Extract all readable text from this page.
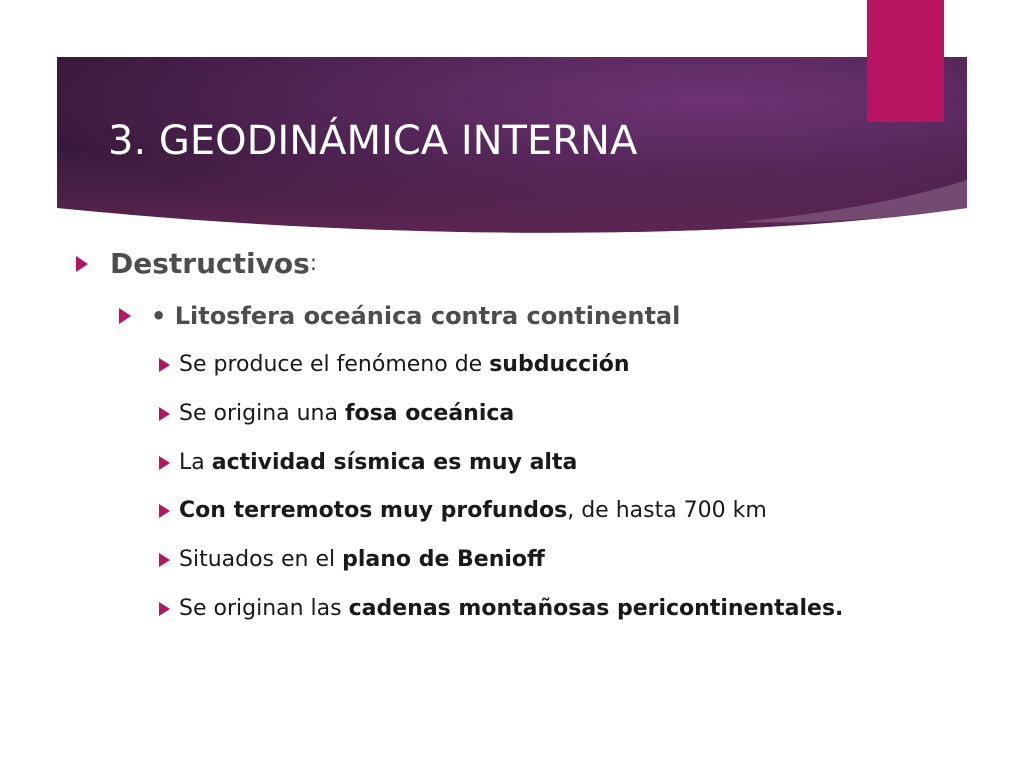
3. GEODINÁMICA INTERNA
Destructivos :
• Litosfera oceánica contra continental
Se produce el fenómeno de subducción
Se origina una fosa oceánica
La actividad sísmica es muy alta
Con terremotos muy profundos, de hasta 700 km
Situados en el plano de Benioff
Se originan las cadenas montañosas pericontinentales.
